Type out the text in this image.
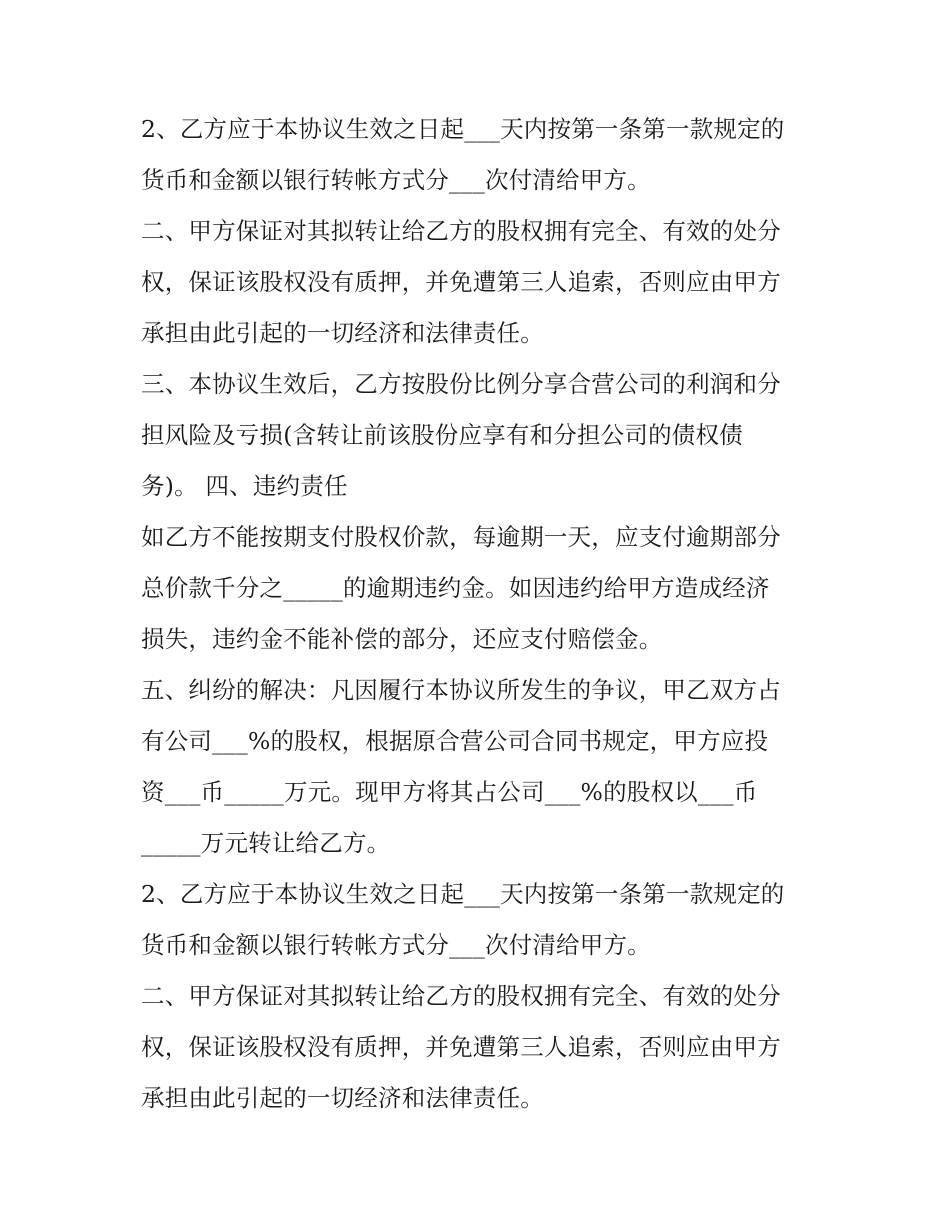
2、乙方应于本协议生效之日起___天内按第一条第一款规定的
货币和金额以银行转帐方式分___次付清给甲方。
二、甲方保证对其拟转让给乙方的股权拥有完全、有效的处分
权，保证该股权没有质押，并免遭第三人追索，否则应由甲方
承担由此引起的一切经济和法律责任。
三、本协议生效后，乙方按股份比例分享合营公司的利润和分
担风险及亏损(含转让前该股份应享有和分担公司的债权债
务)。 四、违约责任
如乙方不能按期支付股权价款，每逾期一天，应支付逾期部分
总价款千分之_____的逾期违约金。如因违约给甲方造成经济
损失，违约金不能补偿的部分，还应支付赔偿金。
五、纠纷的解决：凡因履行本协议所发生的争议，甲乙双方占
有公司___%的股权，根据原合营公司合同书规定，甲方应投
资___币_____万元。现甲方将其占公司___%的股权以___币
_____万元转让给乙方。
2、乙方应于本协议生效之日起___天内按第一条第一款规定的
货币和金额以银行转帐方式分___次付清给甲方。
二、甲方保证对其拟转让给乙方的股权拥有完全、有效的处分
权，保证该股权没有质押，并免遭第三人追索，否则应由甲方
承担由此引起的一切经济和法律责任。
